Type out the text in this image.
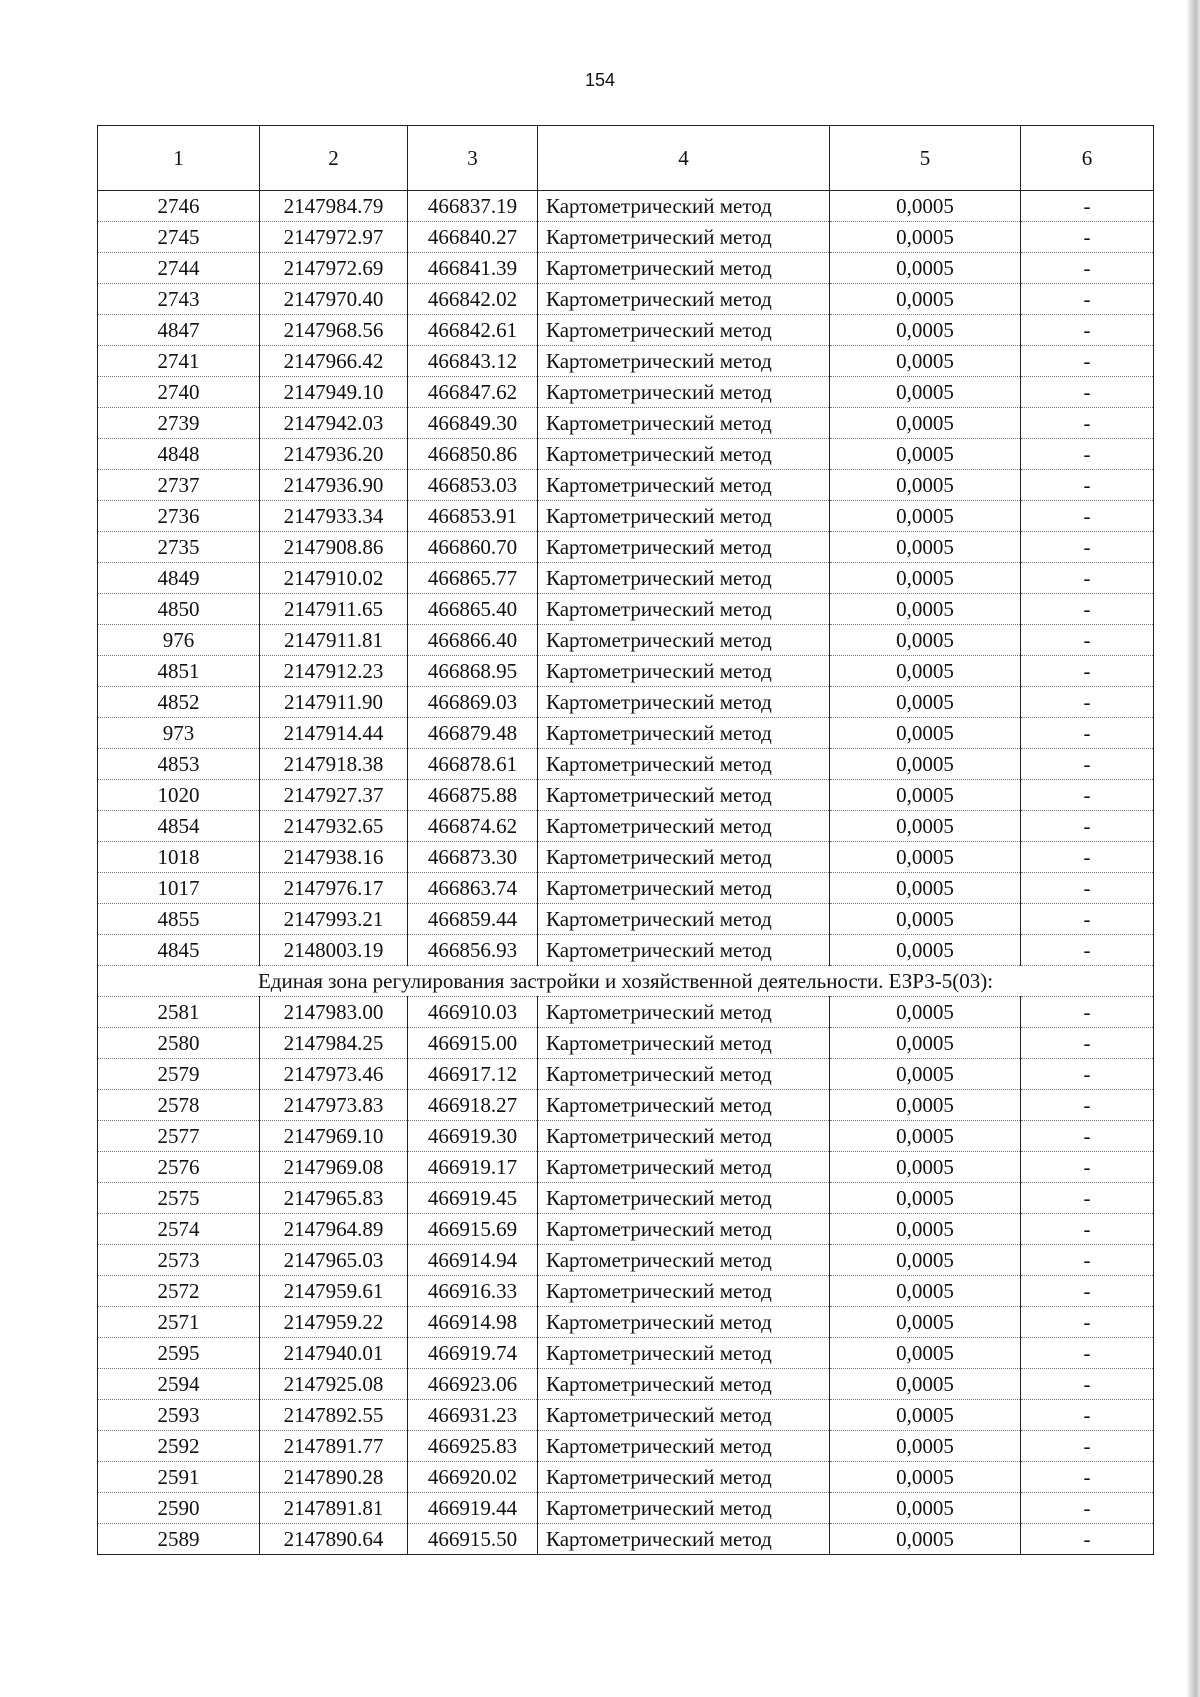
154
1	2	3	4	5	6
2746	2147984.79	466837.19	Картометрический метод	0,0005	-
2745	2147972.97	466840.27	Картометрический метод	0,0005	-
2744	2147972.69	466841.39	Картометрический метод	0,0005	-
2743	2147970.40	466842.02	Картометрический метод	0,0005	-
4847	2147968.56	466842.61	Картометрический метод	0,0005	-
2741	2147966.42	466843.12	Картометрический метод	0,0005	-
2740	2147949.10	466847.62	Картометрический метод	0,0005	-
2739	2147942.03	466849.30	Картометрический метод	0,0005	-
4848	2147936.20	466850.86	Картометрический метод	0,0005	-
2737	2147936.90	466853.03	Картометрический метод	0,0005	-
2736	2147933.34	466853.91	Картометрический метод	0,0005	-
2735	2147908.86	466860.70	Картометрический метод	0,0005	-
4849	2147910.02	466865.77	Картометрический метод	0,0005	-
4850	2147911.65	466865.40	Картометрический метод	0,0005	-
976	2147911.81	466866.40	Картометрический метод	0,0005	-
4851	2147912.23	466868.95	Картометрический метод	0,0005	-
4852	2147911.90	466869.03	Картометрический метод	0,0005	-
973	2147914.44	466879.48	Картометрический метод	0,0005	-
4853	2147918.38	466878.61	Картометрический метод	0,0005	-
1020	2147927.37	466875.88	Картометрический метод	0,0005	-
4854	2147932.65	466874.62	Картометрический метод	0,0005	-
1018	2147938.16	466873.30	Картометрический метод	0,0005	-
1017	2147976.17	466863.74	Картометрический метод	0,0005	-
4855	2147993.21	466859.44	Картометрический метод	0,0005	-
4845	2148003.19	466856.93	Картометрический метод	0,0005	-
Единая зона регулирования застройки и хозяйственной деятельности. ЕЗРЗ-5(03):					
2581	2147983.00	466910.03	Картометрический метод	0,0005	-
2580	2147984.25	466915.00	Картометрический метод	0,0005	-
2579	2147973.46	466917.12	Картометрический метод	0,0005	-
2578	2147973.83	466918.27	Картометрический метод	0,0005	-
2577	2147969.10	466919.30	Картометрический метод	0,0005	-
2576	2147969.08	466919.17	Картометрический метод	0,0005	-
2575	2147965.83	466919.45	Картометрический метод	0,0005	-
2574	2147964.89	466915.69	Картометрический метод	0,0005	-
2573	2147965.03	466914.94	Картометрический метод	0,0005	-
2572	2147959.61	466916.33	Картометрический метод	0,0005	-
2571	2147959.22	466914.98	Картометрический метод	0,0005	-
2595	2147940.01	466919.74	Картометрический метод	0,0005	-
2594	2147925.08	466923.06	Картометрический метод	0,0005	-
2593	2147892.55	466931.23	Картометрический метод	0,0005	-
2592	2147891.77	466925.83	Картометрический метод	0,0005	-
2591	2147890.28	466920.02	Картометрический метод	0,0005	-
2590	2147891.81	466919.44	Картометрический метод	0,0005	-
2589	2147890.64	466915.50	Картометрический метод	0,0005	-
